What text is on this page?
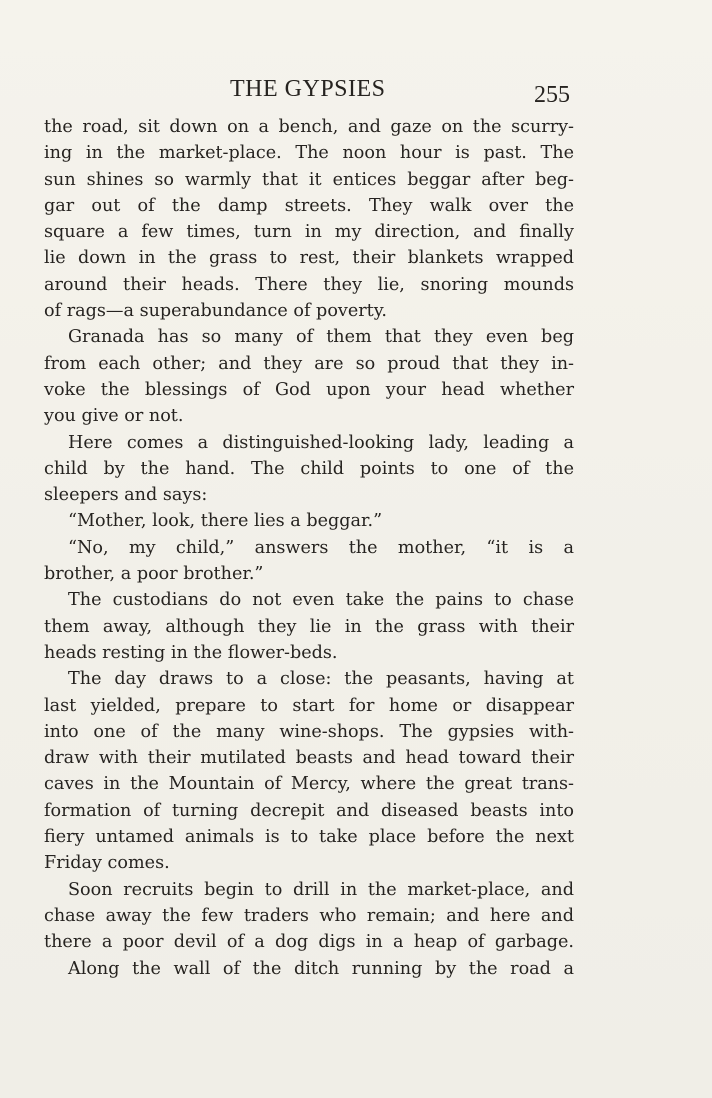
THE GYPSIES	255
the road, sit down on a bench, and gaze on the scurry-
ing in the market-place. The noon hour is past. The
sun shines so warmly that it entices beggar after beg-
gar out of the damp streets. They walk over the
square a few times, turn in my direction, and finally
lie down in the grass to rest, their blankets wrapped
around their heads. There they lie, snoring mounds
of rags—a superabundance of poverty.
Granada has so many of them that they even beg
from each other; and they are so proud that they in-
voke the blessings of God upon your head whether
you give or not.
Here comes a distinguished-looking lady, leading a
child by the hand. The child points to one of the
sleepers and says:
“Mother, look, there lies a beggar.”
“No, my child,” answers the mother, “it is a
brother, a poor brother.”
The custodians do not even take the pains to chase
them away, although they lie in the grass with their
heads resting in the flower-beds.
The day draws to a close: the peasants, having at
last yielded, prepare to start for home or disappear
into one of the many wine-shops. The gypsies with-
draw with their mutilated beasts and head toward their
caves in the Mountain of Mercy, where the great trans-
formation of turning decrepit and diseased beasts into
fiery untamed animals is to take place before the next
Friday comes.
Soon recruits begin to drill in the market-place, and
chase away the few traders who remain; and here and
there a poor devil of a dog digs in a heap of garbage.
Along the wall of the ditch running by the road a
